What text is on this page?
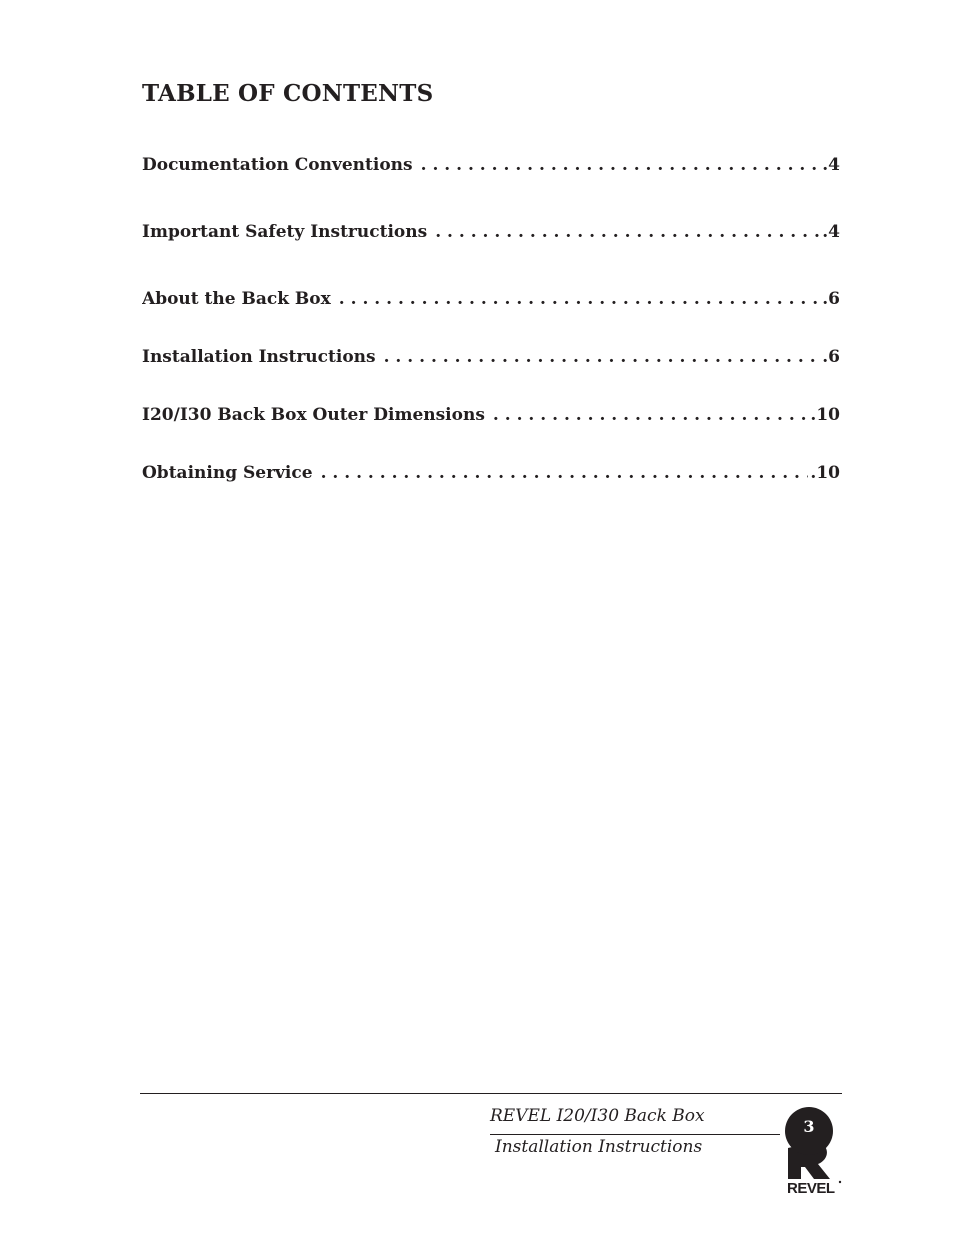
TABLE OF CONTENTS
Documentation Conventions . . .	.4
Important Safety Instructions . . .	.4
About the Back Box . . .	.6
Installation Instructions . . .	.6
I20/I30 Back Box Outer Dimensions . . .	.10
Obtaining Service . . .	.10
REVEL I20/I30 Back Box
Installation Instructions
REVEL
3
